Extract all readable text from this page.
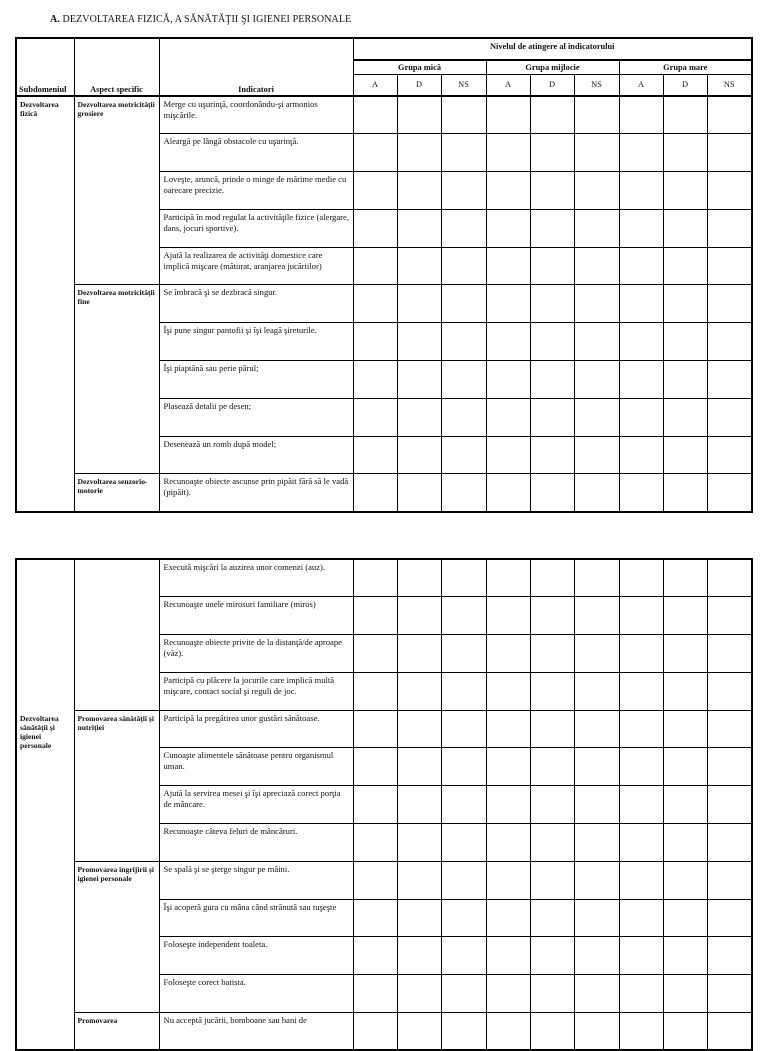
A. DEZVOLTAREA FIZICĂ, A SĂNĂTĂŢII ŞI IGIENEI PERSONALE
Subdomeniul	Aspect specific	Indicatori	Nivelul de atingere al indicatorului								
			Grupa mică			Grupa mijlocie			Grupa mare		
			A	D	NS	A	D	NS	A	D	NS
Dezvoltarea fizică	Dezvoltarea motricităţii grosiere	Merge cu uşurinţă, coordonându-şi armonios mişcările.									
		Aleargă pe lângă obstacole cu uşurinţă.									
		Loveşte, aruncă, prinde o minge de mărime medie cu oarecare precizie.									
		Participă în mod regulat la activităţile fizice (alergare, dans, jocuri sportive).									
		Ajută la realizarea de activităţi domestice care implică mişcare (măturat, aranjarea jucăriilor)									
	Dezvoltarea motricităţii fine	Se îmbracă şi se dezbracă singur.									
		Îşi pune singur pantofii şi îşi leagă şireturile.									
		Îşi piaptănă sau perie părul;									
		Plasează detalii pe desen;									
		Desenează un romb după model;									
	Dezvoltarea senzorio-motorie	Recunoaşte obiecte ascunse prin pipăit fără să le vadă (pipăit).									
Dezvoltarea sănătăţii şi igienei personale		Execută mişcări la auzirea unor comenzi (auz).									
		Recunoaşte unele mirosuri familiare (miros)									
		Recunoaşte obiecte privite de la distanţă/de aproape (văz).									
		Participă cu plăcere la jocurile care implică multă mişcare, contact social şi reguli de joc.									
	Promovarea sănătăţii şi nutriţiei	Participă la pregătirea unor gustări sănătoase.									
		Cunoaşte alimentele sănătoase pentru organismul uman.									
		Ajută la servirea mesei şi îşi apreciază corect porţia de mâncare.									
		Recunoaşte câteva feluri de mâncăruri.									
	Promovarea îngrijirii şi igienei personale	Se spală şi se şterge singur pe mâini.									
		Îşi acoperă gura cu mâna când strănută sau tuşeşte									
		Foloseşte independent toaleta.									
		Foloseşte corect batista.									
	Promovarea	Nu acceptă jucării, bomboane sau bani de									
